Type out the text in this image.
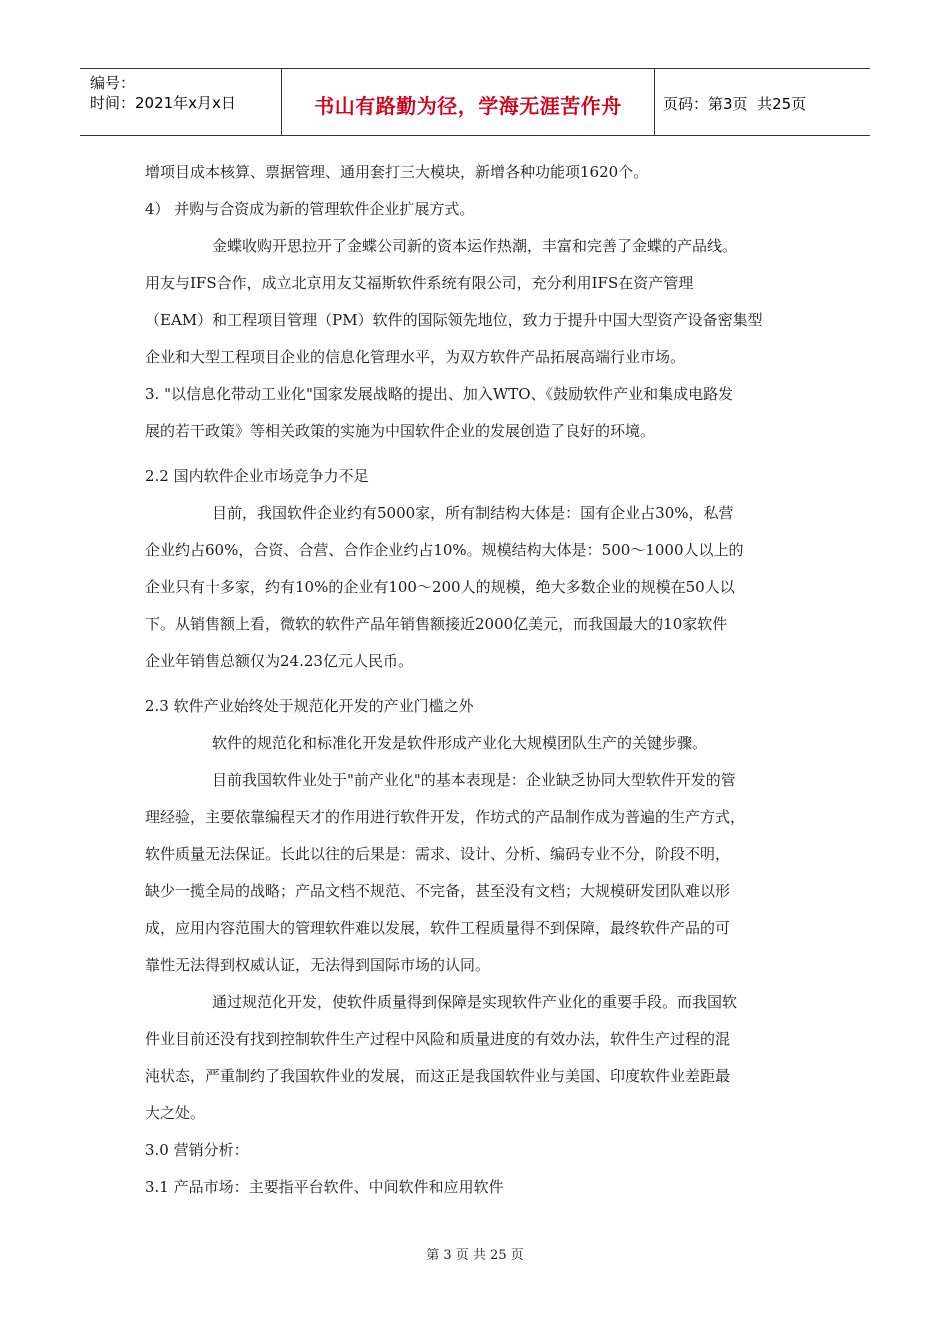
编号：
时间：2021年x月x日	书山有路勤为径，学海无涯苦作舟	页码：第3页  共25页
增项目成本核算、票据管理、通用套打三大模块，新增各种功能项1620个。
4） 并购与合资成为新的管理软件企业扩展方式。
金蝶收购开思拉开了金蝶公司新的资本运作热潮，丰富和完善了金蝶的产品线。
用友与IFS合作，成立北京用友艾福斯软件系统有限公司，充分利用IFS在资产管理
（EAM）和工程项目管理（PM）软件的国际领先地位，致力于提升中国大型资产设备密集型
企业和大型工程项目企业的信息化管理水平，为双方软件产品拓展高端行业市场。
3. "以信息化带动工业化"国家发展战略的提出、加入WTO、《鼓励软件产业和集成电路发
展的若干政策》等相关政策的实施为中国软件企业的发展创造了良好的环境。
2.2 国内软件企业市场竞争力不足
目前，我国软件企业约有5000家，所有制结构大体是：国有企业占30%，私营
企业约占60%，合资、合营、合作企业约占10%。规模结构大体是：500～1000人以上的
企业只有十多家，约有10%的企业有100～200人的规模，绝大多数企业的规模在50人以
下。从销售额上看，微软的软件产品年销售额接近2000亿美元，而我国最大的10家软件
企业年销售总额仅为24.23亿元人民币。
2.3 软件产业始终处于规范化开发的产业门槛之外
软件的规范化和标准化开发是软件形成产业化大规模团队生产的关键步骤。
目前我国软件业处于"前产业化"的基本表现是：企业缺乏协同大型软件开发的管
理经验，主要依靠编程天才的作用进行软件开发，作坊式的产品制作成为普遍的生产方式，
软件质量无法保证。长此以往的后果是：需求、设计、分析、编码专业不分，阶段不明，
缺少一揽全局的战略；产品文档不规范、不完备，甚至没有文档；大规模研发团队难以形
成，应用内容范围大的管理软件难以发展，软件工程质量得不到保障，最终软件产品的可
靠性无法得到权威认证，无法得到国际市场的认同。
通过规范化开发，使软件质量得到保障是实现软件产业化的重要手段。而我国软
件业目前还没有找到控制软件生产过程中风险和质量进度的有效办法，软件生产过程的混
沌状态，严重制约了我国软件业的发展，而这正是我国软件业与美国、印度软件业差距最
大之处。
3.0 营销分析：
3.1 产品市场：主要指平台软件、中间软件和应用软件
第 3 页 共 25 页
